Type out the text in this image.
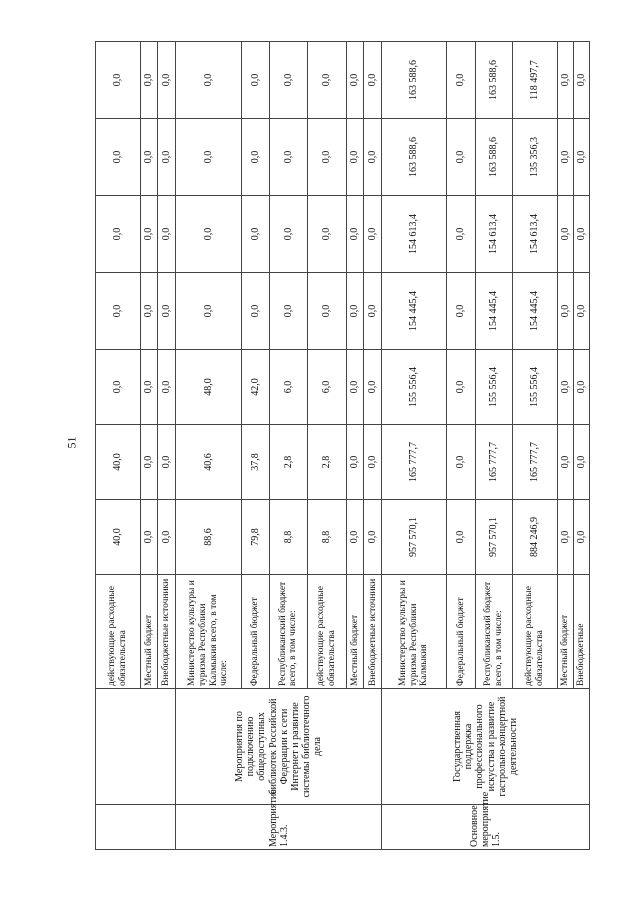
51
		действующие расходные обязательства	40,0	40,0	0,0	0,0	0,0	0,0	0,0
		Местный бюджет	0,0	0,0	0,0	0,0	0,0	0,0	0,0
		Внебюджетные источники	0,0	0,0	0,0	0,0	0,0	0,0	0,0
Мероприятие 1.4.3.	Мероприятия по подключению общедоступных библиотек Российской Федерации к сети Интернет и развитие системы библиотечного дела	Министерство культуры и туризма Республики Калмыкия всего, в том числе:	88,6	40,6	48,0	0,0	0,0	0,0	0,0
		Федеральный бюджет	79,8	37,8	42,0	0,0	0,0	0,0	0,0
		Республиканский бюджет всего, в том числе:	8,8	2,8	6,0	0,0	0,0	0,0	0,0
		действующие расходные обязательства	8,8	2,8	6,0	0,0	0,0	0,0	0,0
		Местный бюджет	0,0	0,0	0,0	0,0	0,0	0,0	0,0
		Внебюджетные источники	0,0	0,0	0,0	0,0	0,0	0,0	0,0
Основное мероприятие 1.5.	Государственная поддержка профессионального искусства и развитие гастрольно-концертной деятельности	Министерство культуры и туризма Республики Калмыкия	957 570,1	165 777,7	155 556,4	154 445,4	154 613,4	163 588,6	163 588,6
		Федеральный бюджет	0,0	0,0	0,0	0,0	0,0	0,0	0,0
		Республиканский бюджет всего, в том числе:	957 570,1	165 777,7	155 556,4	154 445,4	154 613,4	163 588,6	163 588,6
		действующие расходные обязательства	884 246,9	165 777,7	155 556,4	154 445,4	154 613,4	135 356,3	118 497,7
		Местный бюджет	0,0	0,0	0,0	0,0	0,0	0,0	0,0
		Внебюджетные	0,0	0,0	0,0	0,0	0,0	0,0	0,0
